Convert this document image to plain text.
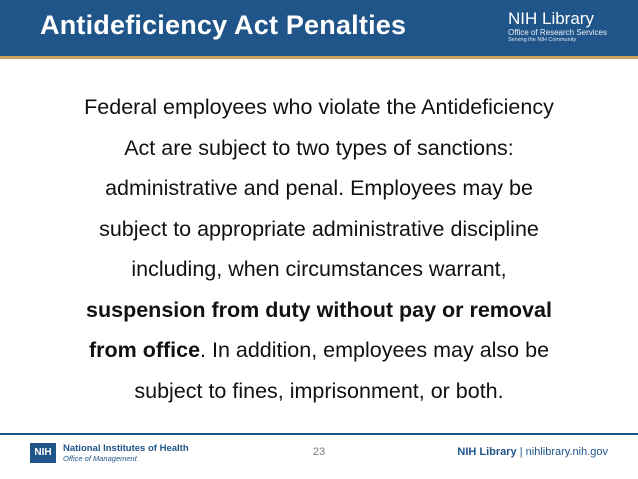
Antideficiency Act Penalties	NIH Library
Office of Research Services
Serving the NIH Community

Federal employees who violate the Antideficiency

Act are subject to two types of sanctions:

administrative and penal. Employees may be

subject to appropriate administrative discipline

including, when circumstances warrant,

suspension from duty without pay or removal

from office. In addition, employees may also be

subject to fines, imprisonment, or both.

NIH	National Institutes of Health
Office of Management
23	NIH Library | nihlibrary.nih.gov
